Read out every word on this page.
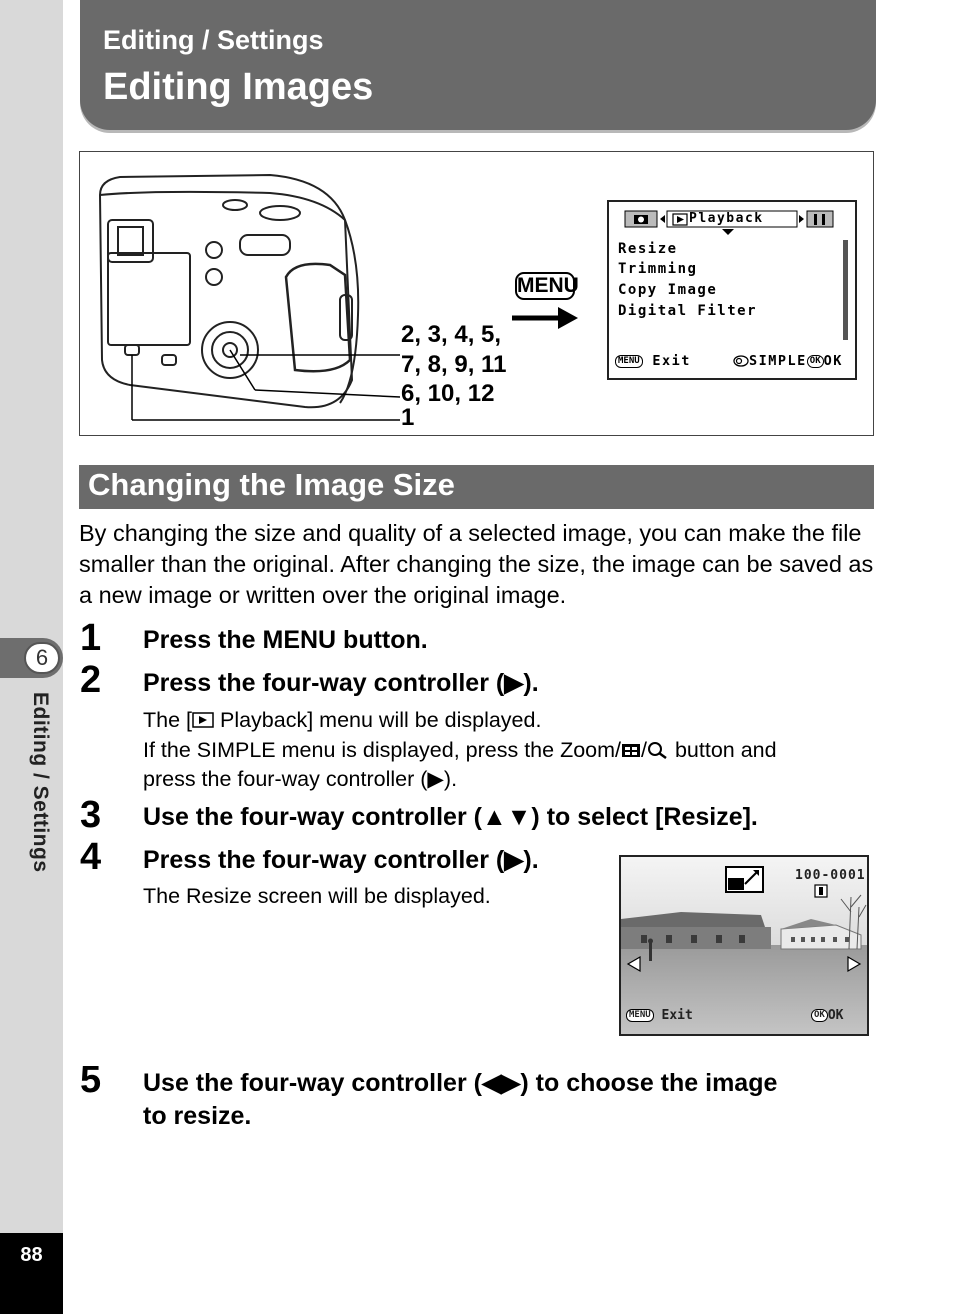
6
Editing / Settings
88
Editing / Settings
Editing Images
2, 3, 4, 5,
7, 8, 9, 11
6, 10, 12
1
MENU
Playback
Resize
Trimming
Copy Image
Digital Filter
MENU Exit	SIMPLE OK OK
Changing the Image Size
By changing the size and quality of a selected image, you can make the file smaller than the original. After changing the size, the image can be saved as a new image or written over the original image.
1 Press the MENU button.
2 Press the four-way controller (▶).
The [ Playback] menu will be displayed.
If the SIMPLE menu is displayed, press the Zoom/ / button and
press the four-way controller (▶).
3 Use the four-way controller (▲▼) to select [Resize].
4 Press the four-way controller (▶).
The Resize screen will be displayed.
100-0001
MENU Exit	OK OK
5 Use the four-way controller (◀▶) to choose the image
to resize.
